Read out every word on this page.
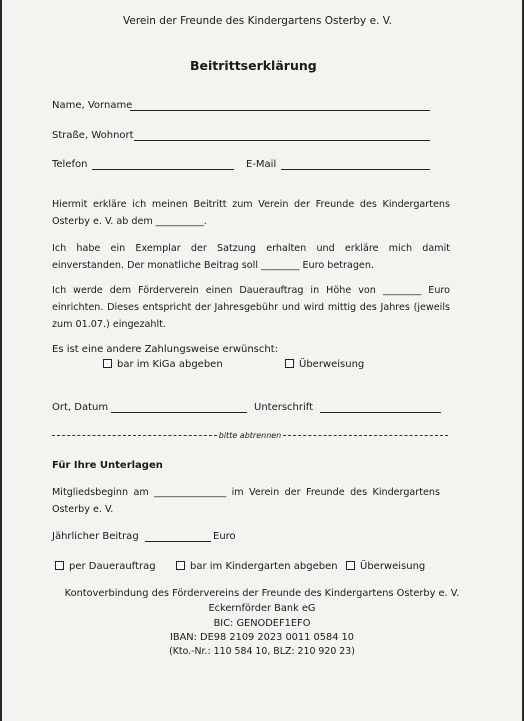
Verein der Freunde des Kindergartens Osterby e. V.
Beitrittserklärung
Name, Vorname
Straße, Wohnort
Telefon	E-Mail
Hiermit erkläre ich meinen Beitritt zum Verein der Freunde des Kindergartens Osterby e. V. ab dem __________.
Ich habe ein Exemplar der Satzung erhalten und erkläre mich damit einverstanden. Der monatliche Beitrag soll ________ Euro betragen.
Ich werde dem Förderverein einen Dauerauftrag in Höhe von ________ Euro einrichten. Dieses entspricht der Jahresgebühr und wird mittig des Jahres (jeweils zum 01.07.) eingezahlt.
Es ist eine andere Zahlungsweise erwünscht:
bar im KiGa abgeben	Überweisung
Ort, Datum	Unterschrift
bitte abtrennen
Für Ihre Unterlagen
Mitgliedsbeginn am _______________ im Verein der Freunde des Kindergartens Osterby e. V.
Jährlicher Beitrag	Euro
per Dauerauftrag	bar im Kindergarten abgeben	Überweisung
Kontoverbindung des Fördervereins der Freunde des Kindergartens Osterby e. V.
Eckernförder Bank eG
BIC: GENODEF1EFO
IBAN: DE98 2109 2023 0011 0584 10
(Kto.-Nr.: 110 584 10, BLZ: 210 920 23)
